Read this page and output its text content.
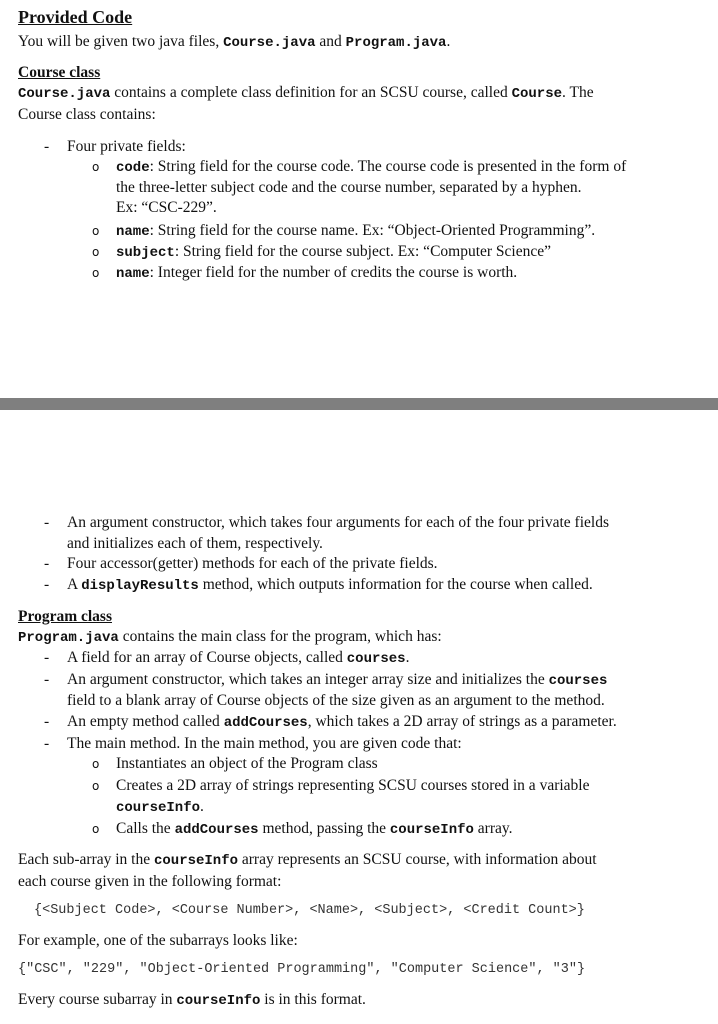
Provided Code
You will be given two java files, Course.java and Program.java.
Course class
Course.java contains a complete class definition for an SCSU course, called Course. The
Course class contains:
- Four private fields:
o code: String field for the course code. The course code is presented in the form of
the three-letter subject code and the course number, separated by a hyphen.
Ex: “CSC-229”.
o name: String field for the course name. Ex: “Object-Oriented Programming”.
o subject: String field for the course subject. Ex: “Computer Science”
o name: Integer field for the number of credits the course is worth.
- An argument constructor, which takes four arguments for each of the four private fields
and initializes each of them, respectively.
- Four accessor(getter) methods for each of the private fields.
- A displayResults method, which outputs information for the course when called.
Program class
Program.java contains the main class for the program, which has:
- A field for an array of Course objects, called courses.
- An argument constructor, which takes an integer array size and initializes the courses
field to a blank array of Course objects of the size given as an argument to the method.
- An empty method called addCourses, which takes a 2D array of strings as a parameter.
- The main method. In the main method, you are given code that:
o Instantiates an object of the Program class
o Creates a 2D array of strings representing SCSU courses stored in a variable
courseInfo.
o Calls the addCourses method, passing the courseInfo array.
Each sub-array in the courseInfo array represents an SCSU course, with information about
each course given in the following format:
{<Subject Code>, <Course Number>, <Name>, <Subject>, <Credit Count>}
For example, one of the subarrays looks like:
{"CSC", "229", "Object-Oriented Programming", "Computer Science", "3"}
Every course subarray in courseInfo is in this format.
